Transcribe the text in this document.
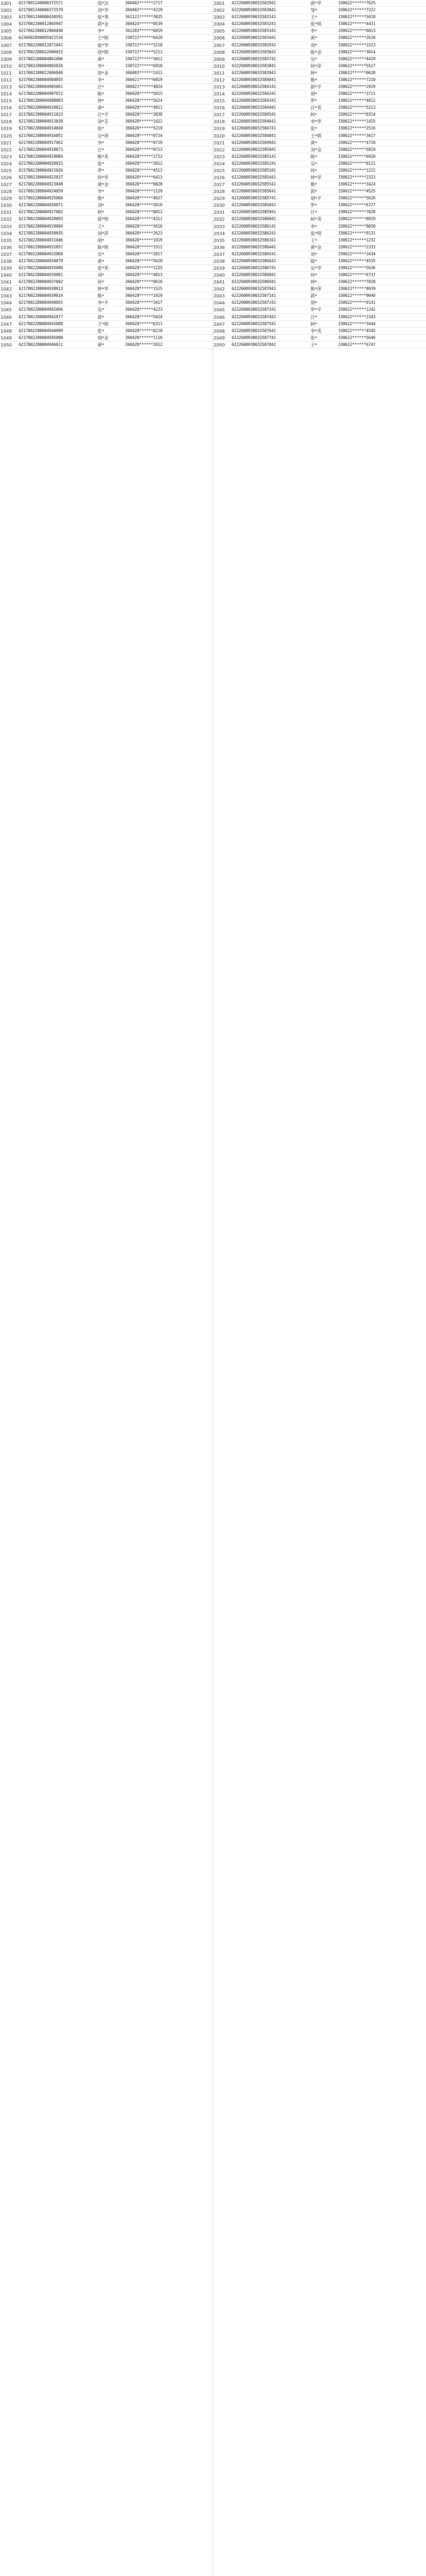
1001	6217001240000372571	邱*洁	360402******2717
1002	6217001240000372579	刘*华	360402******4229
1003	6217001240000430591	张*秀	362121******3825
1004	6217002280012865947	郭*金	360424******0539
1005	6217002280012866040	李*	362203******6819
1006	6236682840005921534	王*明	330722******6420
1007	6217002280012871041	张*华	330722******3218
1008	6217002280022606015	周*明	330722******5212
1009	6217002280004861006	黄*	330722******3012
1010	6217002280004865026	李*	330722******6910
1011	6217002280022606048	周*金	360403******2411
1012	6217002280004904055	李*	360421******6819
1013	6217002280004905061	汪*	360421******4824
1014	6217002280004907072	陈*	360428******5015
1015	6217002280004908083	钟*	360428******5624
1016	6217002280004910012	黄*	360428******4011
1017	6217002280004911023	汪*平	360428******3838
1018	6217002280004913038	刘*芳	360428******1422
1019	6217002280004914049	张*	360428******5219
1020	6217002280004916051	吴*萍	360428******0724
1021	6217002280004917062	李*	360428******0719
1022	6217002280004918073	汪*	360428******0713
1023	6217002280004919084	熊*英	360428******2722
1024	6217002280004920015	张*	360428******3812
1025	6217002280004921026	罗*	360428******4513
1026	6217002280004922037	何*华	360428******6413
1027	6217002280004923048	黄*金	360428******0028
1028	6217002280004924059	李*	360428******2129
1029	6217002280004925060	熊*	360428******4027
1030	6217002280004926071	刘*	360428******3616
1031	6217002280004927082	柯*	360428******0012
1032	6217002280004928093	郭*明	360428******4311
1033	6217002280004929004	王*	360428******3616
1034	6217002280004930035	刘*萍	360428******2623
1035	6217002280004931046	胡*	360428******1919
1036	6217002280004932057	陈*明	360428******3312
1037	6217002280004933068	吴*	360428******2817
1038	6217002280004934079	黄*	360428******5620
1039	6217002280004935080	张*英	360428******1225
1040	6217002280004936091	刘*	360428******4813
1041	6217002280004937002	何*	360428******0610
1042	6217002280004938013	钟*华	360428******1515
1043	6217002280004939024	熊*	360428******2419
1044	6217002280004940055	李*平	360428******3417
1045	6217002280004941066	吴*	360428******4223
1046	6217002280004942077	郭*	360428******5024
1047	6217002280004943088	王*明	360428******6311
1048	6217002280004944099	张*	360428******0218
1049	6217002280004945000	胡*金	360428******1116
1050	6217002280004946011	黄*	360428******2012
2001	6222600930032582941	唐*华	330622******7625
2002	6222600930032583041	邹*	330622******7222
2003	6222600930032583141	王*	330622******5018
2004	6222600930032583241	张*明	330622******4431
2005	6222600930032583341	李*	330622******6813
2006	6222600930032583441	黄*	330622******2618
2007	6222600930032583541	刘*	330622******1523
2008	6222600930032583641	陈*金	330622******3014
2009	6222600930032583741	吴*	330622******4419
2010	6222600930032583841	何*萍	330622******5527
2011	6222600930032583941	钟*	330622******0628
2012	6222600930032584041	熊*	330622******7210
2013	6222600930032584141	郭*平	330622******2919
2014	6222600930032584241	胡*	330622******3711
2015	6222600930032584341	罗*	330622******4012
2016	6222600930032584441	汪*英	330622******5213
2017	6222600930032584541	柯*	330622******0314
2018	6222600930032584641	李*华	330622******1415
2019	6222600930032584741	张*	330622******2516
2020	6222600930032584841	王*明	330622******3617
2021	6222600930032584941	黄*	330622******4718
2022	6222600930032585041	刘*金	330622******5819
2023	6222600930032585141	陈*	330622******6920
2024	6222600930032585241	吴*	330622******0121
2025	6222600930032585341	何*	330622******1222
2026	6222600930032585441	钟*华	330622******2323
2027	6222600930032585541	熊*	330622******3424
2028	6222600930032585641	郭*	330622******4525
2029	6222600930032585741	胡*平	330622******5626
2030	6222600930032585841	罗*	330622******6727
2031	6222600930032585941	汪*	330622******7828
2032	6222600930032586041	柯*英	330622******8929
2033	6222600930032586141	李*	330622******9030
2034	6222600930032586241	张*明	330622******0131
2035	6222600930032586341	王*	330622******1232
2036	6222600930032586441	黄*金	330622******2333
2037	6222600930032586541	刘*	330622******3434
2038	6222600930032586641	陈*	330622******4535
2039	6222600930032586741	吴*华	330622******5636
2040	6222600930032586841	何*	330622******6737
2041	6222600930032586941	钟*	330622******7838
2042	6222600930032587041	熊*萍	330622******8939
2043	6222600930032587141	郭*	330622******9040
2044	6222600930032587241	胡*	330622******0141
2045	6222600930032587341	罗*平	330622******1242
2046	6222600930032587441	汪*	330622******2343
2047	6222600930032587541	柯*	330622******3444
2048	6222600930032587641	李*英	330622******4545
2049	6222600930032587741	张*	330622******5646
2050	6222600930032587841	王*	330622******6747
